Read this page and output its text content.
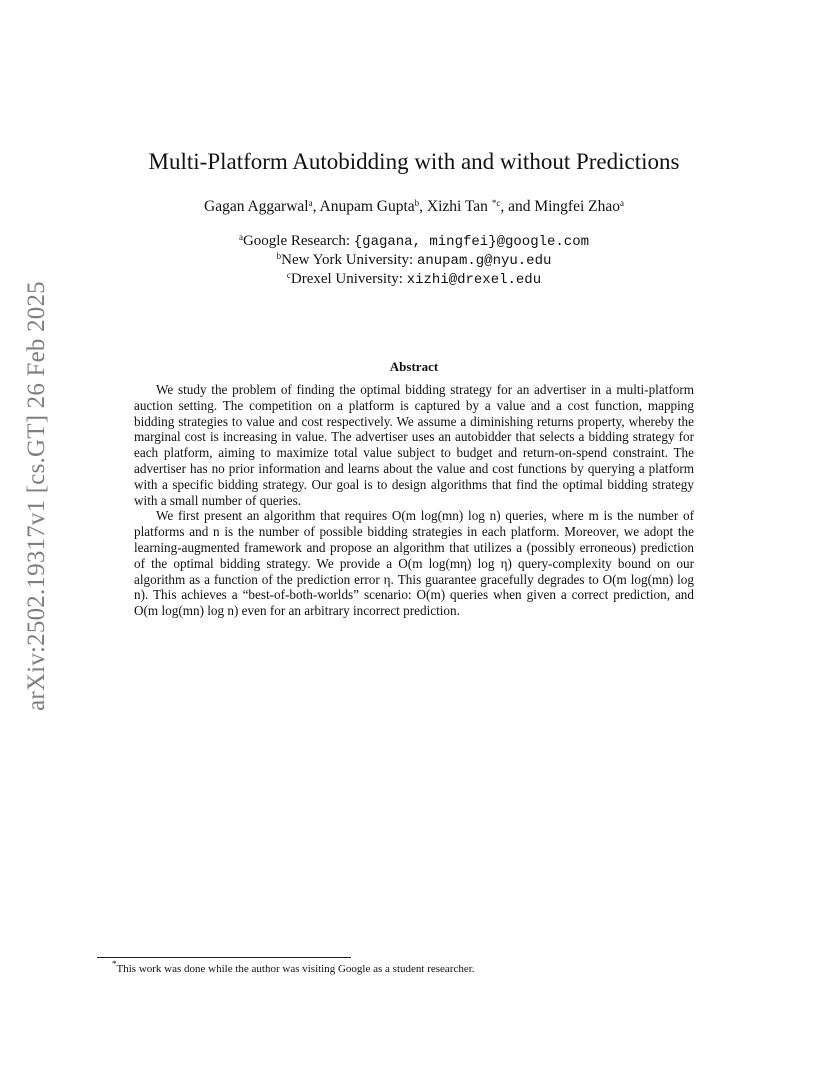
arXiv:2502.19317v1 [cs.GT] 26 Feb 2025
Multi-Platform Autobidding with and without Predictions
Gagan Aggarwal$^a$, Anupam Gupta$^b$, Xizhi Tan $^{*c}$, and Mingfei Zhao$^a$
$^a$Google Research: {gagana, mingfei}@google.com
$^b$New York University: anupam.g@nyu.edu
$^c$Drexel University: xizhi@drexel.edu
Abstract

We study the problem of finding the optimal bidding strategy for an advertiser in a multi-platform auction setting. The competition on a platform is captured by a value and a cost function, mapping bidding strategies to value and cost respectively. We assume a diminishing returns property, whereby the marginal cost is increasing in value. The advertiser uses an autobidder that selects a bidding strategy for each platform, aiming to maximize total value subject to budget and return-on-spend constraint. The advertiser has no prior information and learns about the value and cost functions by querying a platform with a specific bidding strategy. Our goal is to design algorithms that find the optimal bidding strategy with a small number of queries.

We first present an algorithm that requires O(m log(mn) log n) queries, where m is the number of platforms and n is the number of possible bidding strategies in each platform. Moreover, we adopt the learning-augmented framework and propose an algorithm that utilizes a (possibly erroneous) prediction of the optimal bidding strategy. We provide a O(m log(mη) log η) query-complexity bound on our algorithm as a function of the prediction error η. This guarantee gracefully degrades to O(m log(mn) log n). This achieves a “best-of-both-worlds” scenario: O(m) queries when given a correct prediction, and O(m log(mn) log n) even for an arbitrary incorrect prediction.

*This work was done while the author was visiting Google as a student researcher.
